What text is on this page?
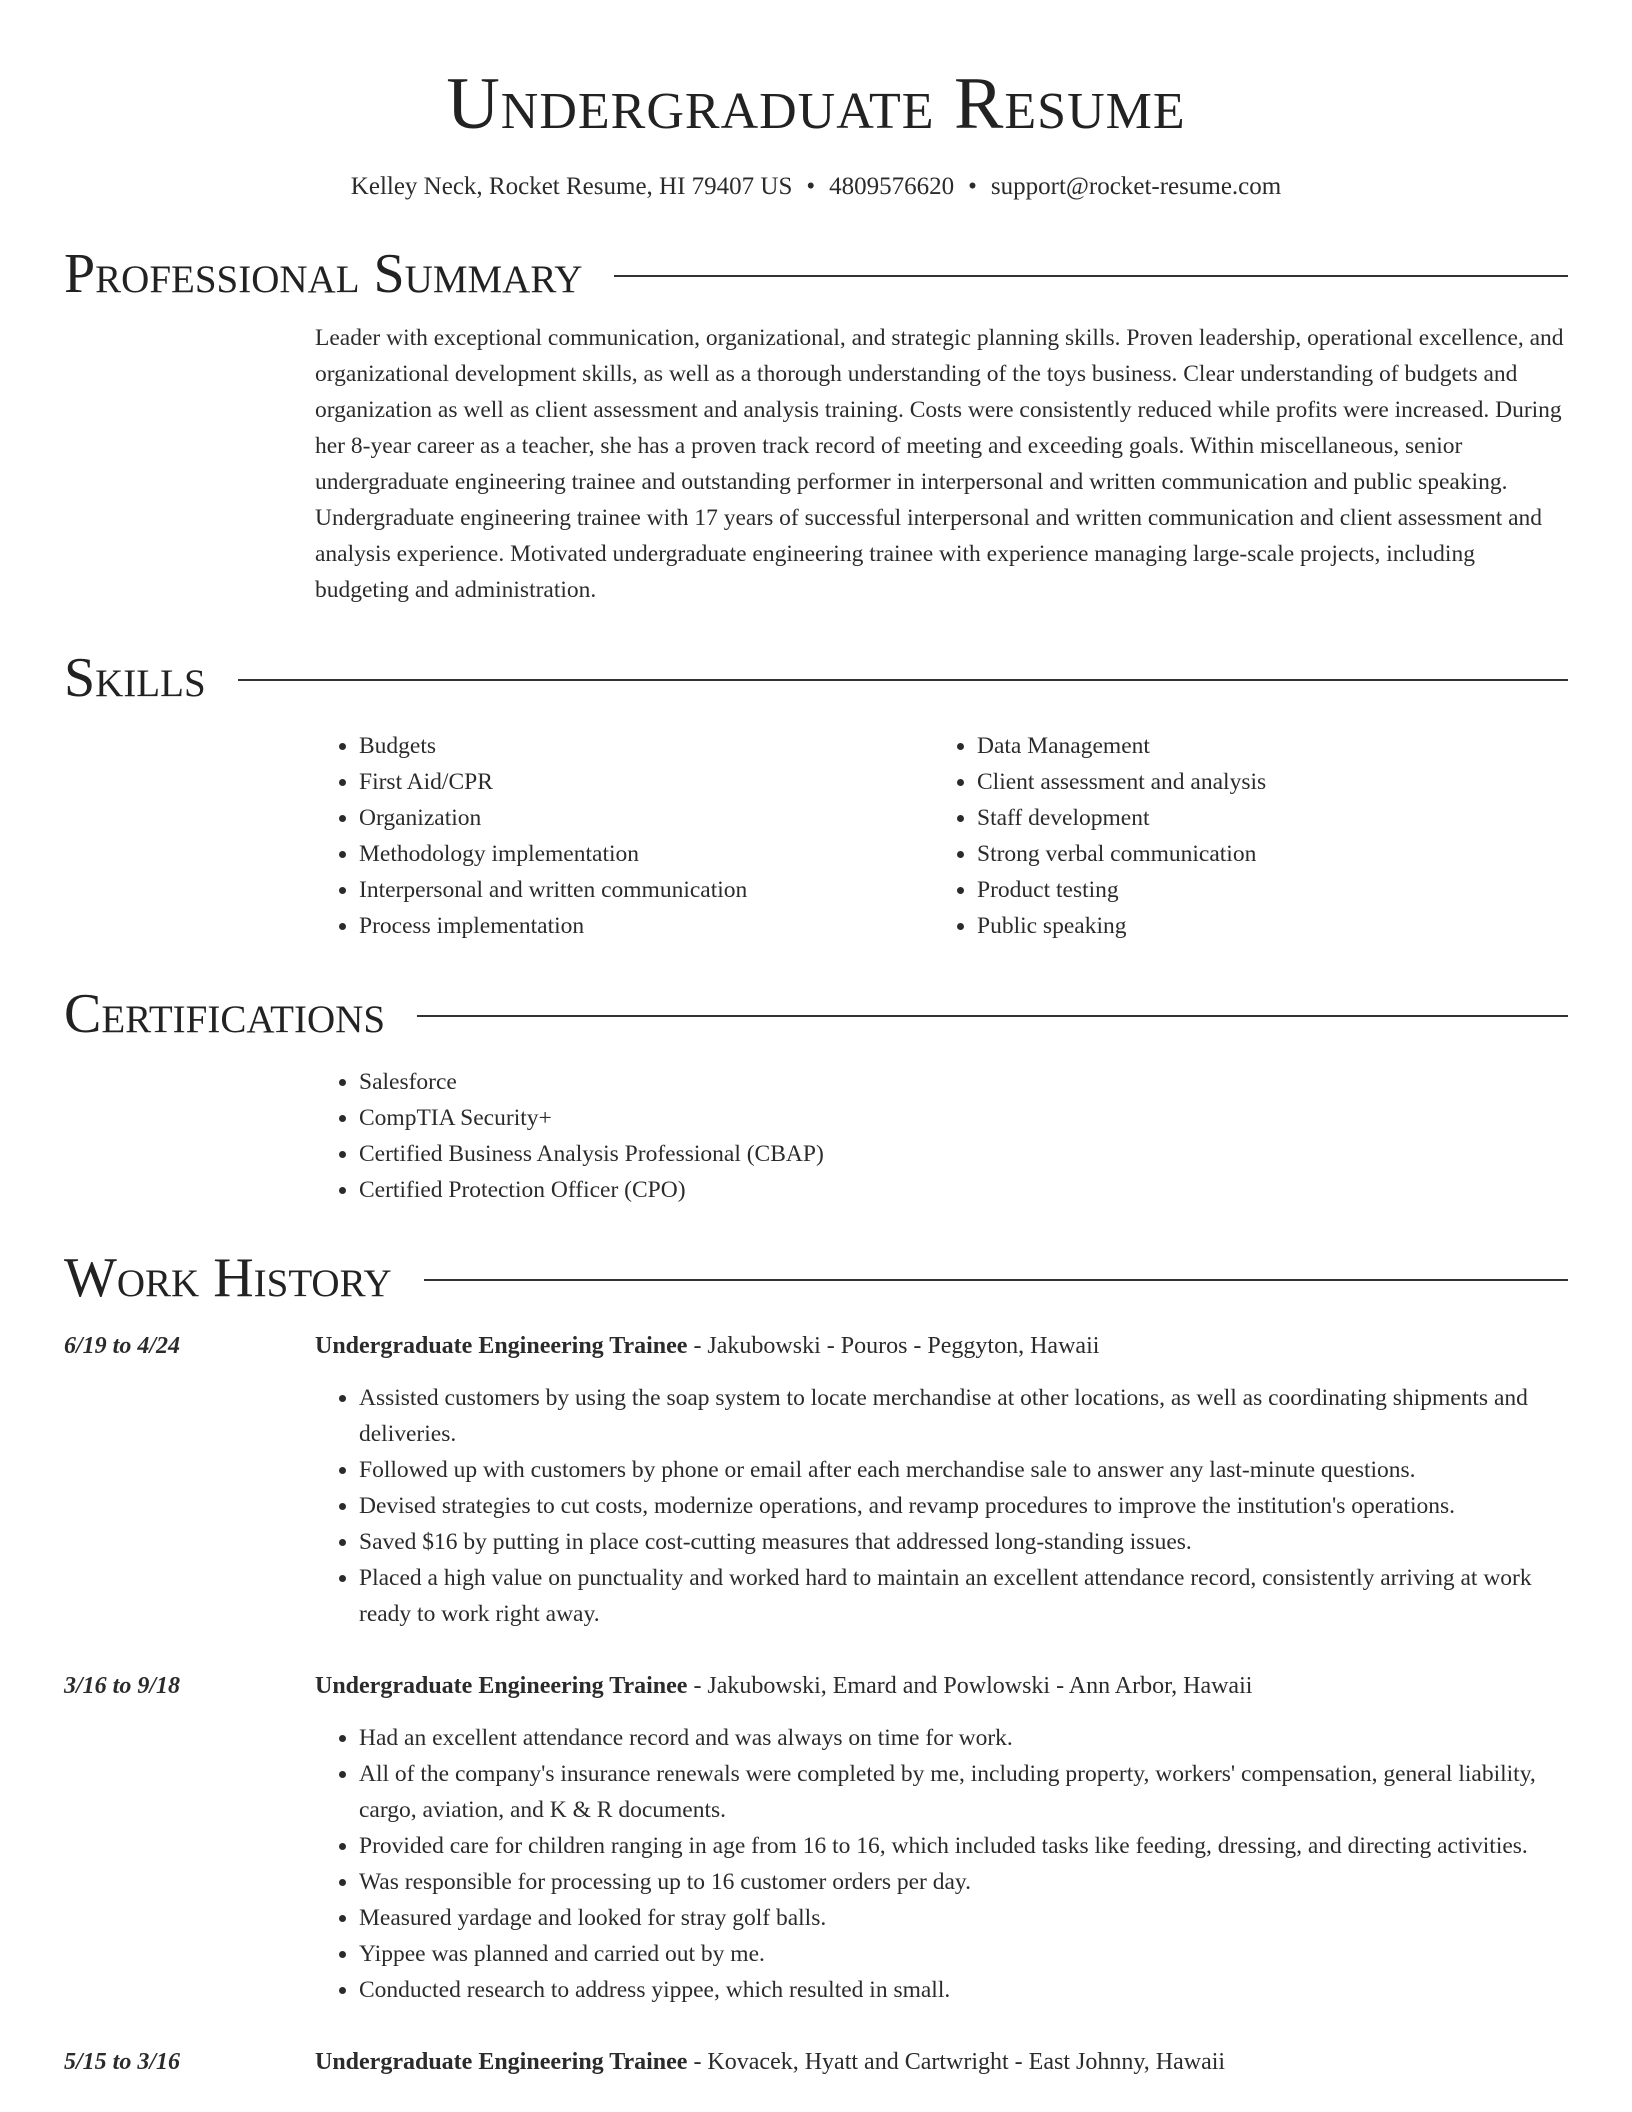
Undergraduate Resume
Kelley Neck, Rocket Resume, HI 79407 US • 4809576620 • support@rocket-resume.com
Professional Summary
Leader with exceptional communication, organizational, and strategic planning skills. Proven leadership, operational excellence, and organizational development skills, as well as a thorough understanding of the toys business. Clear understanding of budgets and organization as well as client assessment and analysis training. Costs were consistently reduced while profits were increased. During her 8-year career as a teacher, she has a proven track record of meeting and exceeding goals. Within miscellaneous, senior undergraduate engineering trainee and outstanding performer in interpersonal and written communication and public speaking. Undergraduate engineering trainee with 17 years of successful interpersonal and written communication and client assessment and analysis experience. Motivated undergraduate engineering trainee with experience managing large-scale projects, including budgeting and administration.
Skills
• Budgets
• First Aid/CPR
• Organization
• Methodology implementation
• Interpersonal and written communication
• Process implementation
• Data Management
• Client assessment and analysis
• Staff development
• Strong verbal communication
• Product testing
• Public speaking
Certifications
• Salesforce
• CompTIA Security+
• Certified Business Analysis Professional (CBAP)
• Certified Protection Officer (CPO)
Work History
6/19 to 4/24	Undergraduate Engineering Trainee - Jakubowski - Pouros - Peggyton, Hawaii
• Assisted customers by using the soap system to locate merchandise at other locations, as well as coordinating shipments and deliveries.
• Followed up with customers by phone or email after each merchandise sale to answer any last-minute questions.
• Devised strategies to cut costs, modernize operations, and revamp procedures to improve the institution's operations.
• Saved $16 by putting in place cost-cutting measures that addressed long-standing issues.
• Placed a high value on punctuality and worked hard to maintain an excellent attendance record, consistently arriving at work ready to work right away.
3/16 to 9/18	Undergraduate Engineering Trainee - Jakubowski, Emard and Powlowski - Ann Arbor, Hawaii
• Had an excellent attendance record and was always on time for work.
• All of the company's insurance renewals were completed by me, including property, workers' compensation, general liability, cargo, aviation, and K & R documents.
• Provided care for children ranging in age from 16 to 16, which included tasks like feeding, dressing, and directing activities.
• Was responsible for processing up to 16 customer orders per day.
• Measured yardage and looked for stray golf balls.
• Yippee was planned and carried out by me.
• Conducted research to address yippee, which resulted in small.
5/15 to 3/16	Undergraduate Engineering Trainee - Kovacek, Hyatt and Cartwright - East Johnny, Hawaii
